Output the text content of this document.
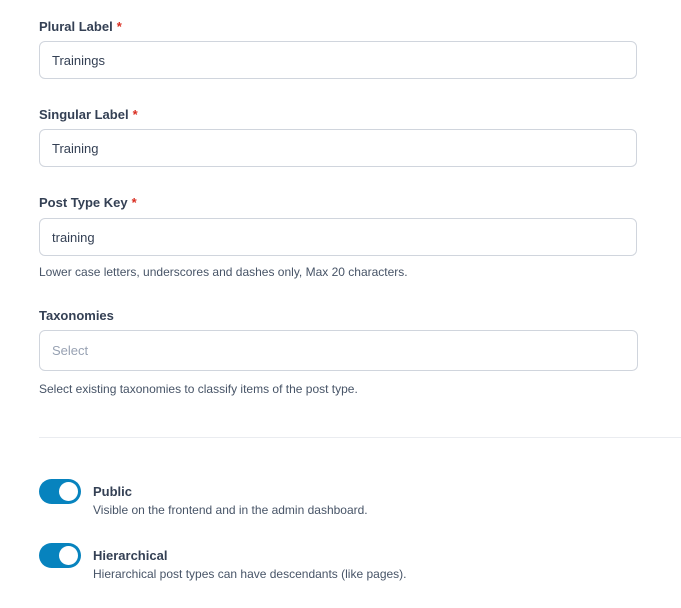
Plural Label *
Trainings
Singular Label *
Training
Post Type Key *
training
Lower case letters, underscores and dashes only, Max 20 characters.
Taxonomies
Select
Select existing taxonomies to classify items of the post type.
Public
Visible on the frontend and in the admin dashboard.
Hierarchical
Hierarchical post types can have descendants (like pages).
